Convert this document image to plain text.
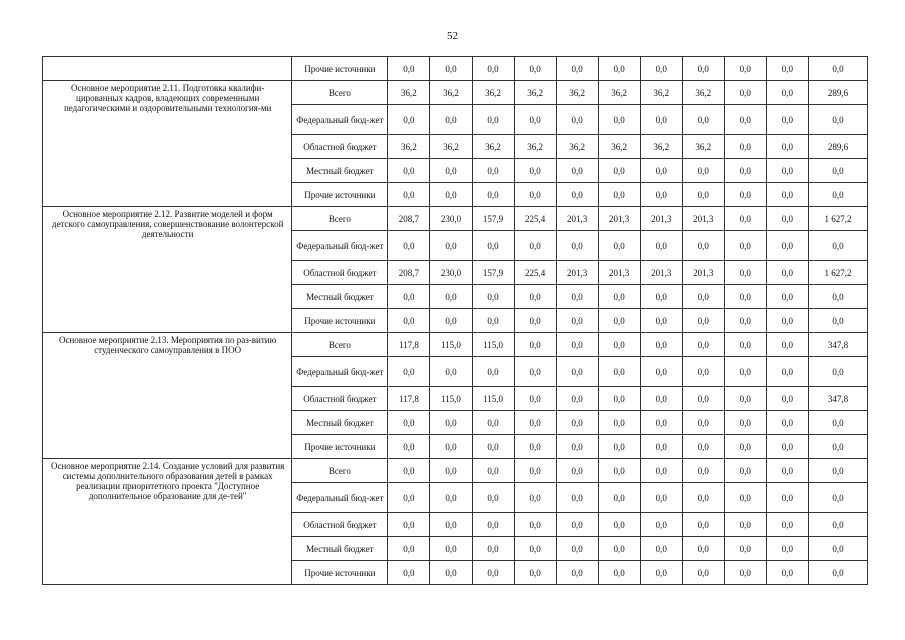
52
	Прочие источники	0,0	0,0	0,0	0,0	0,0	0,0	0,0	0,0	0,0	0,0	0,0
Основное мероприятие 2.11. Подготовка квалифи-цированных кадров, владеющих современными педагогическими и оздоровительными технология-ми	Всего	36,2	36,2	36,2	36,2	36,2	36,2	36,2	36,2	0,0	0,0	289,6
	Федеральный бюд-жет	0,0	0,0	0,0	0,0	0,0	0,0	0,0	0,0	0,0	0,0	0,0
	Областной бюджет	36,2	36,2	36,2	36,2	36,2	36,2	36,2	36,2	0,0	0,0	289,6
	Местный бюджет	0,0	0,0	0,0	0,0	0,0	0,0	0,0	0,0	0,0	0,0	0,0
	Прочие источники	0,0	0,0	0,0	0,0	0,0	0,0	0,0	0,0	0,0	0,0	0,0
Основное мероприятие 2.12. Развитие моделей и форм детского самоуправления, совершенствование волонтерской деятельности	Всего	208,7	230,0	157,9	225,4	201,3	201,3	201,3	201,3	0,0	0,0	1 627,2
	Федеральный бюд-жет	0,0	0,0	0,0	0,0	0,0	0,0	0,0	0,0	0,0	0,0	0,0
	Областной бюджет	208,7	230,0	157,9	225,4	201,3	201,3	201,3	201,3	0,0	0,0	1 627,2
	Местный бюджет	0,0	0,0	0,0	0,0	0,0	0,0	0,0	0,0	0,0	0,0	0,0
	Прочие источники	0,0	0,0	0,0	0,0	0,0	0,0	0,0	0,0	0,0	0,0	0,0
Основное мероприятие 2.13. Мероприятия по раз-витию студенческого самоуправления в ПОО	Всего	117,8	115,0	115,0	0,0	0,0	0,0	0,0	0,0	0,0	0,0	347,8
	Федеральный бюд-жет	0,0	0,0	0,0	0,0	0,0	0,0	0,0	0,0	0,0	0,0	0,0
	Областной бюджет	117,8	115,0	115,0	0,0	0,0	0,0	0,0	0,0	0,0	0,0	347,8
	Местный бюджет	0,0	0,0	0,0	0,0	0,0	0,0	0,0	0,0	0,0	0,0	0,0
	Прочие источники	0,0	0,0	0,0	0,0	0,0	0,0	0,0	0,0	0,0	0,0	0,0
Основное мероприятие 2.14. Создание условий для развития системы дополнительного образования детей в рамках реализации приоритетного проекта "Доступное дополнительное образование для де-тей"	Всего	0,0	0,0	0,0	0,0	0,0	0,0	0,0	0,0	0,0	0,0	0,0
	Федеральный бюд-жет	0,0	0,0	0,0	0,0	0,0	0,0	0,0	0,0	0,0	0,0	0,0
	Областной бюджет	0,0	0,0	0,0	0,0	0,0	0,0	0,0	0,0	0,0	0,0	0,0
	Местный бюджет	0,0	0,0	0,0	0,0	0,0	0,0	0,0	0,0	0,0	0,0	0,0
	Прочие источники	0,0	0,0	0,0	0,0	0,0	0,0	0,0	0,0	0,0	0,0	0,0
